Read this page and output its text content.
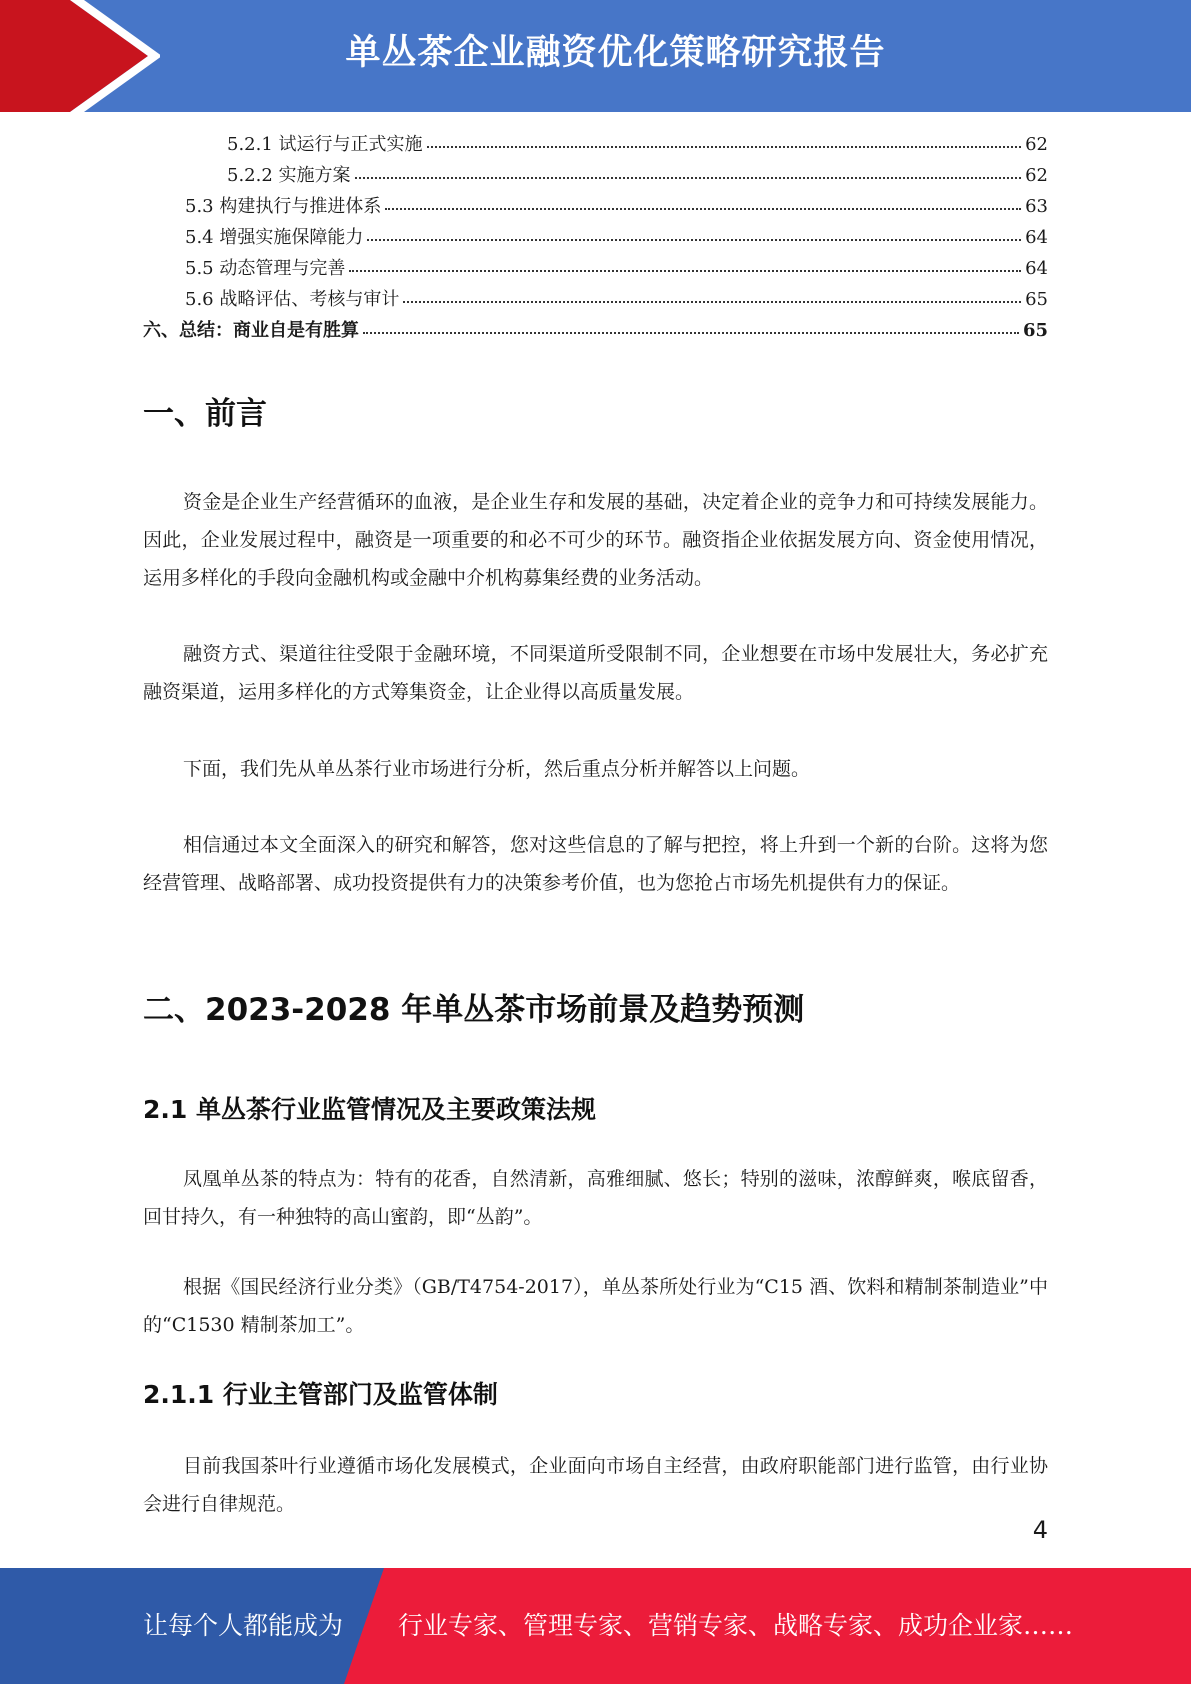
单丛茶企业融资优化策略研究报告
5.2.1 试运行与正式实施	62
5.2.2 实施方案	62
5.3 构建执行与推进体系	63
5.4 增强实施保障能力	64
5.5 动态管理与完善	64
5.6 战略评估、考核与审计	65
六、总结：商业自是有胜算	65
一、前言

资金是企业生产经营循环的血液，是企业生存和发展的基础，决定着企业的竞争力和可持续发展能力。因此，企业发展过程中，融资是一项重要的和必不可少的环节。融资指企业依据发展方向、资金使用情况，运用多样化的手段向金融机构或金融中介机构募集经费的业务活动。

融资方式、渠道往往受限于金融环境，不同渠道所受限制不同，企业想要在市场中发展壮大，务必扩充融资渠道，运用多样化的方式筹集资金，让企业得以高质量发展。

下面，我们先从单丛茶行业市场进行分析，然后重点分析并解答以上问题。

相信通过本文全面深入的研究和解答，您对这些信息的了解与把控，将上升到一个新的台阶。这将为您经营管理、战略部署、成功投资提供有力的决策参考价值，也为您抢占市场先机提供有力的保证。

二、2023-2028 年单丛茶市场前景及趋势预测
2.1 单丛茶行业监管情况及主要政策法规

凤凰单丛茶的特点为：特有的花香，自然清新，高雅细腻、悠长；特别的滋味，浓醇鲜爽，喉底留香，回甘持久，有一种独特的高山蜜韵，即“丛韵”。

根据《国民经济行业分类》（GB/T4754-2017），单丛茶所处行业为“C15 酒、饮料和精制茶制造业”中的“C1530 精制茶加工”。

2.1.1 行业主管部门及监管体制

目前我国茶叶行业遵循市场化发展模式，企业面向市场自主经营，由政府职能部门进行监管，由行业协会进行自律规范。

4
让每个人都能成为 行业专家、管理专家、营销专家、战略专家、成功企业家……
